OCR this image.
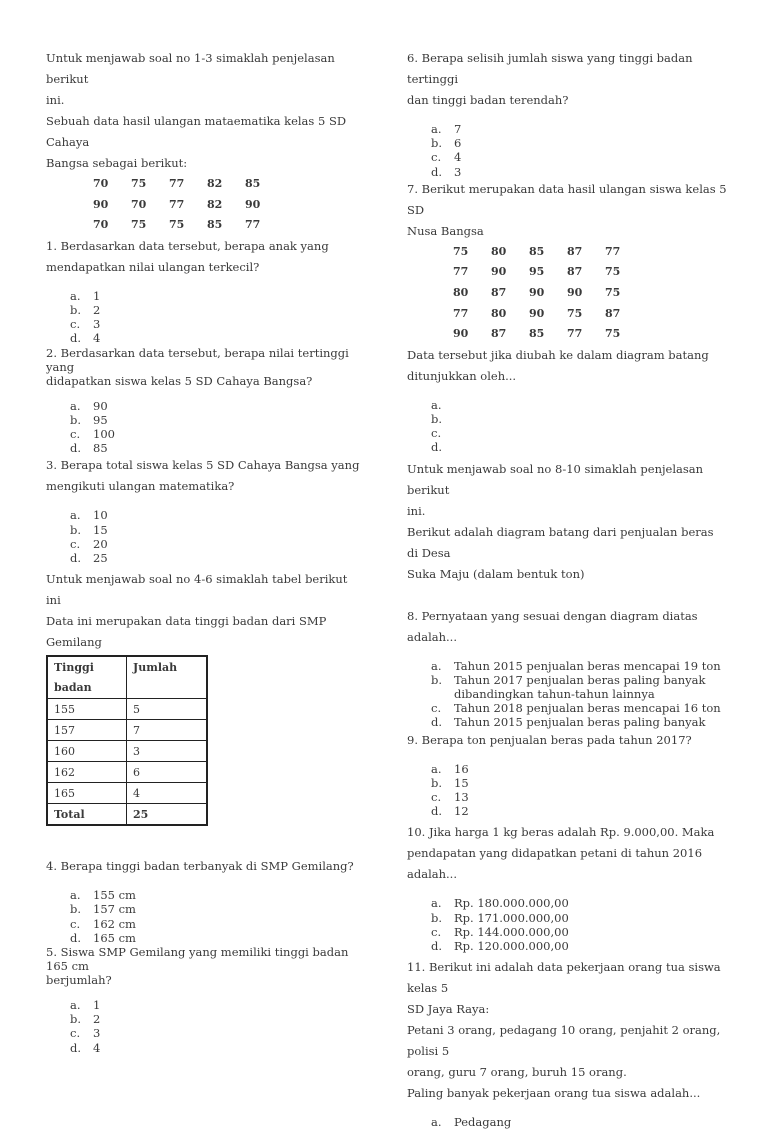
Untuk menjawab soal no 1-3 simaklah penjelasan berikut
ini.

Sebuah data hasil ulangan mataematika kelas 5 SD Cahaya
Bangsa sebagai berikut:

70	75	77	82	85
90	70	77	82	90
70	75	75	85	77

1. Berdasarkan data tersebut, berapa anak yang
mendapatkan nilai ulangan terkecil?

a.	1
b.	2
c.	3
d.	4

2. Berdasarkan data tersebut, berapa nilai tertinggi yang
didapatkan siswa kelas 5 SD Cahaya Bangsa?

a.	90
b.	95
c.	100
d.	85

3. Berapa total siswa kelas 5 SD Cahaya Bangsa yang
mengikuti ulangan matematika?

a.	10
b.	15
c.	20
d.	25

Untuk menjawab soal no 4-6 simaklah tabel berikut ini
Data ini merupakan data tinggi badan dari SMP Gemilang

Tinggi
badan	Jumlah
155	5
157	7
160	3
162	6
165	4
Total	25

4. Berapa tinggi badan terbanyak di SMP Gemilang?

a.	155 cm
b.	157 cm
c.	162 cm
d.	165 cm

5. Siswa SMP Gemilang yang memiliki tinggi badan 165 cm
berjumlah?

a.	1
b.	2
c.	3
d.	4

6. Berapa selisih jumlah siswa yang tinggi badan tertinggi
dan tinggi badan terendah?

a.	7
b.	6
c.	4
d.	3

7. Berikut merupakan data hasil ulangan siswa kelas 5 SD
Nusa Bangsa

75	80	85	87	77
77	90	95	87	75
80	87	90	90	75
77	80	90	75	87
90	87	85	77	75

Data tersebut jika diubah ke dalam diagram batang
ditunjukkan oleh...

a.
b.
c.
d.

Untuk menjawab soal no 8-10 simaklah penjelasan berikut
ini.

Berikut adalah diagram batang dari penjualan beras di Desa
Suka Maju (dalam bentuk ton)

8. Pernyataan yang sesuai dengan diagram diatas adalah...

a.	Tahun 2015 penjualan beras mencapai 19 ton
b.	Tahun 2017 penjualan beras paling banyak
dibandingkan tahun-tahun lainnya
c.	Tahun 2018 penjualan beras mencapai 16 ton
d.	Tahun 2015 penjualan beras paling banyak

9. Berapa ton penjualan beras pada tahun 2017?

a.	16
b.	15
c.	13
d.	12

10. Jika harga 1 kg beras adalah Rp. 9.000,00. Maka
pendapatan yang didapatkan petani di tahun 2016 adalah...

a.	Rp. 180.000.000,00
b.	Rp. 171.000.000,00
c.	Rp. 144.000.000,00
d.	Rp. 120.000.000,00

11. Berikut ini adalah data pekerjaan orang tua siswa kelas 5
SD Jaya Raya:

Petani 3 orang, pedagang 10 orang, penjahit 2 orang, polisi 5
orang, guru 7 orang, buruh 15 orang.

Paling banyak pekerjaan orang tua siswa adalah...

a.	Pedagang
